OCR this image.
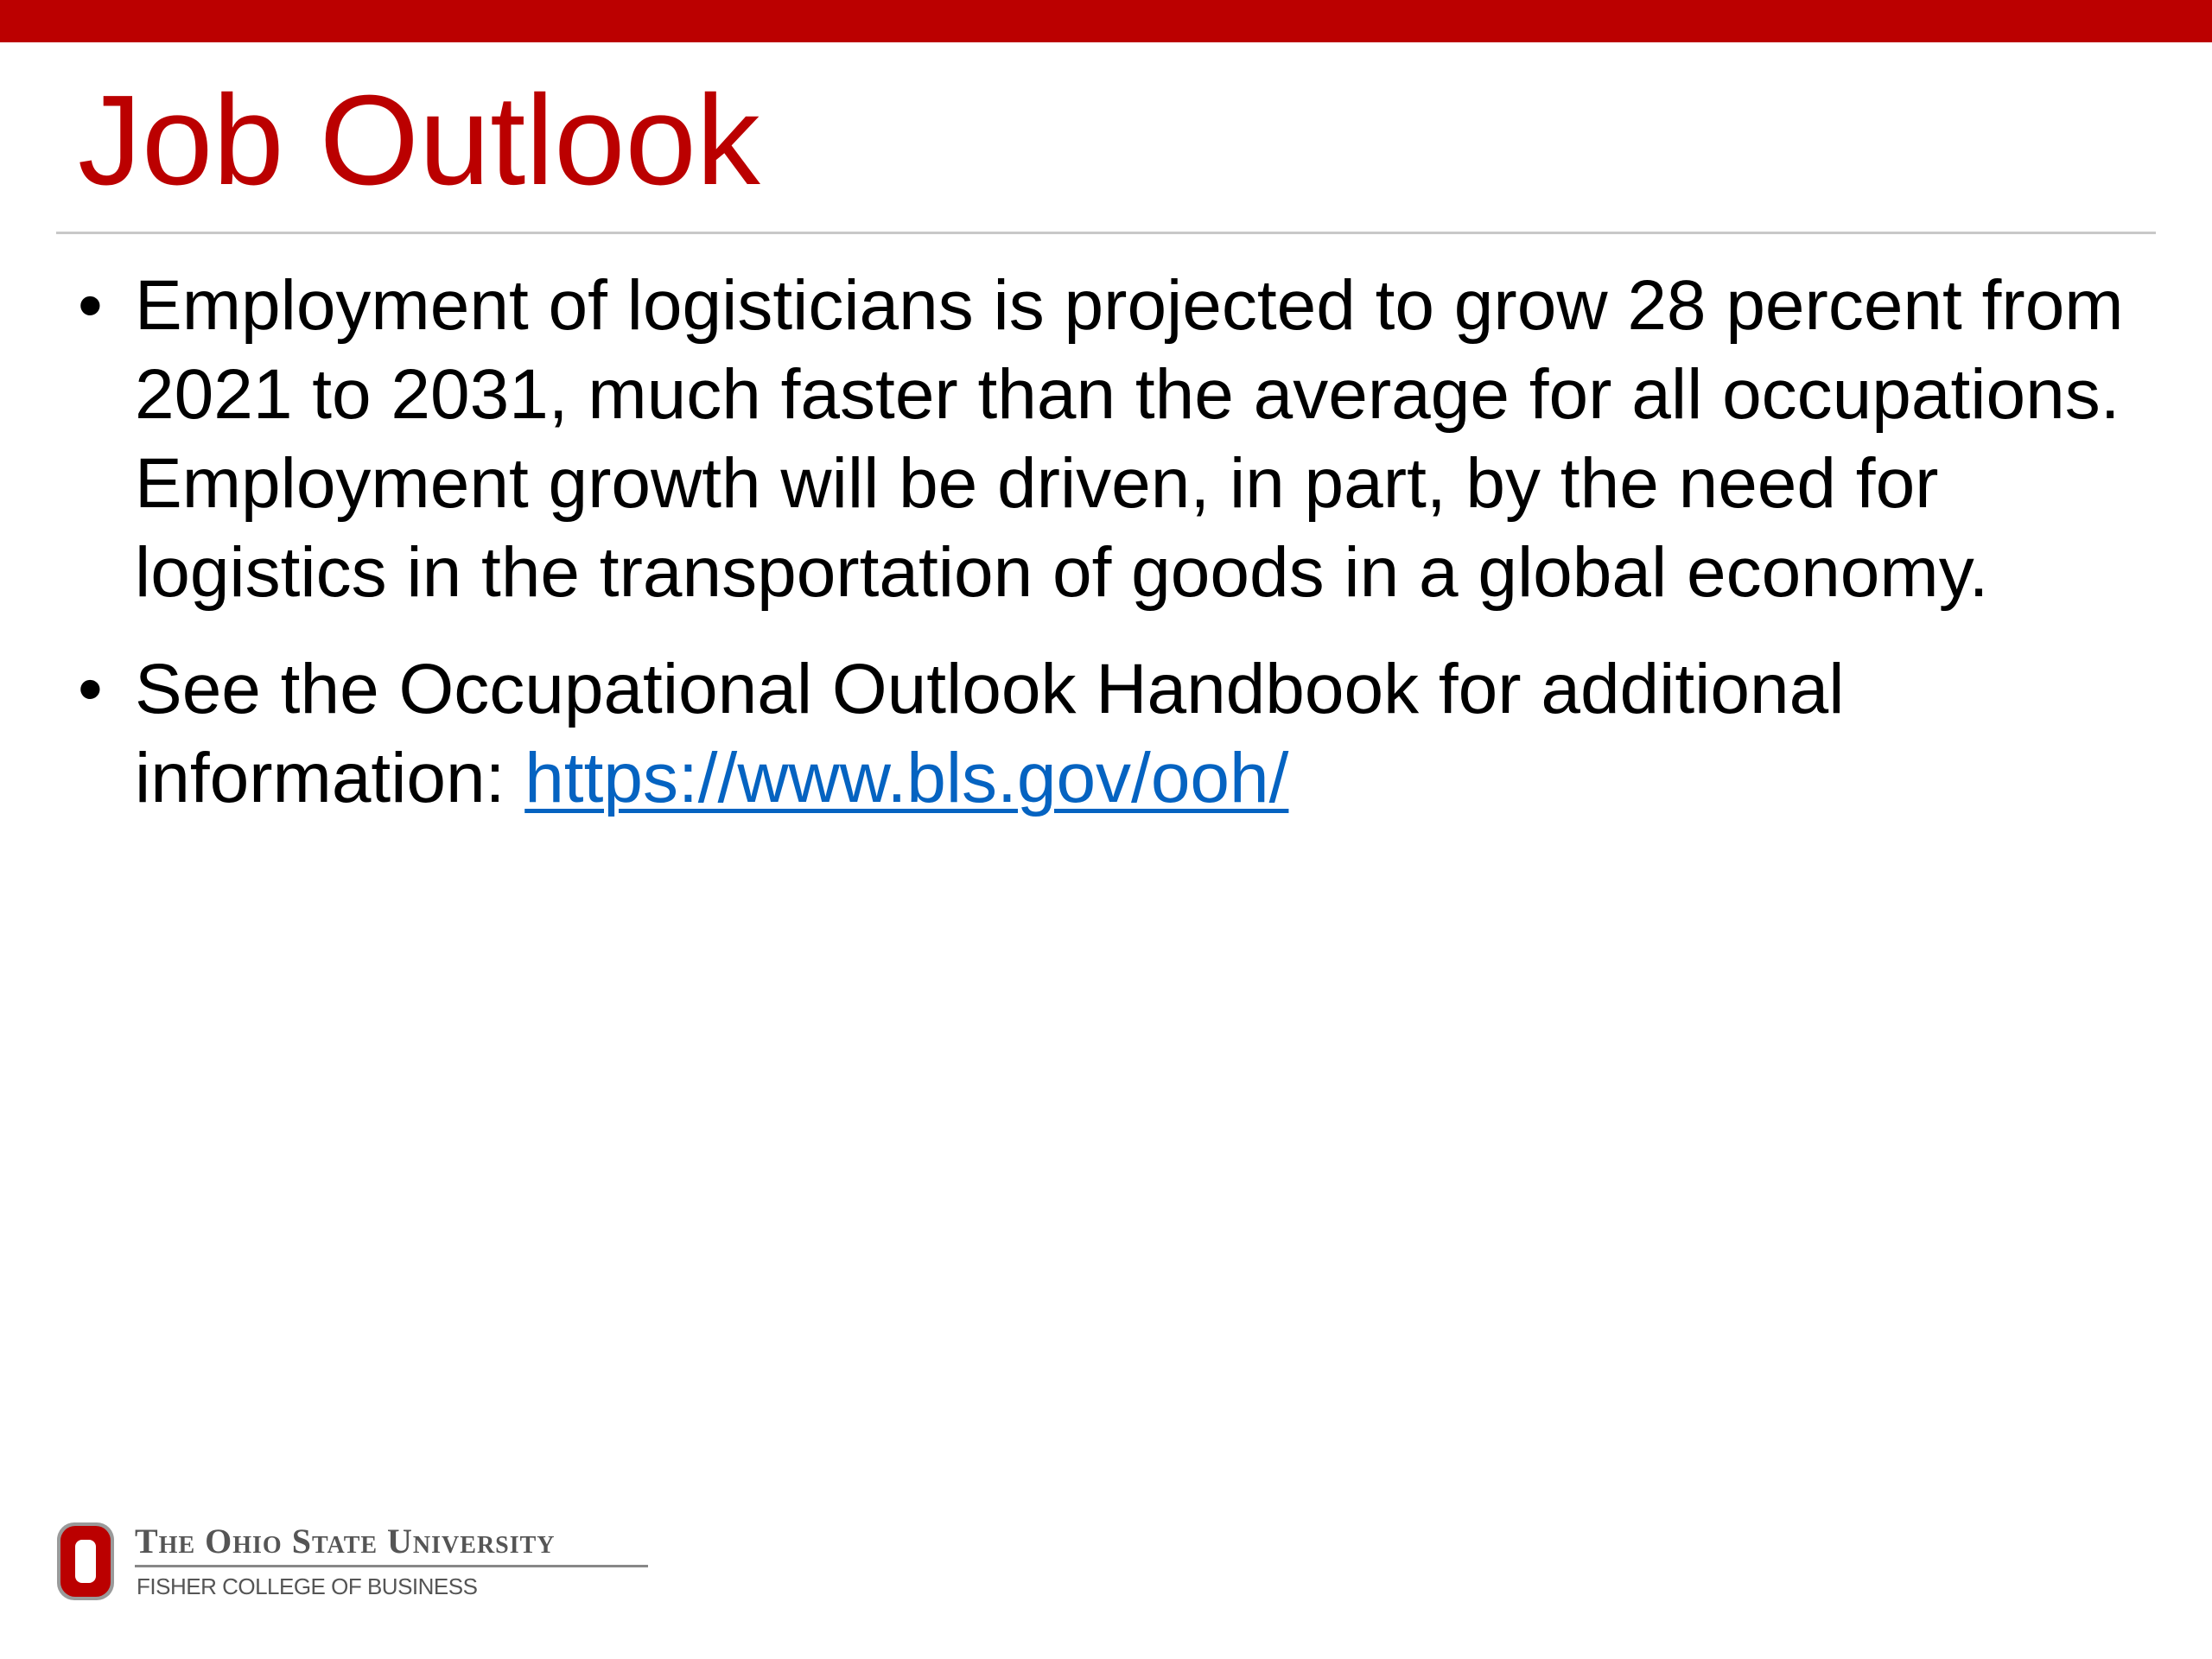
Job Outlook
• Employment of logisticians is projected to grow 28 percent from 2021 to 2031, much faster than the average for all occupations.  Employment growth will be driven, in part, by the need for logistics in the transportation of goods in a global economy.
• See the Occupational Outlook Handbook for additional information: https://www.bls.gov/ooh/
The Ohio State University
FISHER COLLEGE OF BUSINESS
